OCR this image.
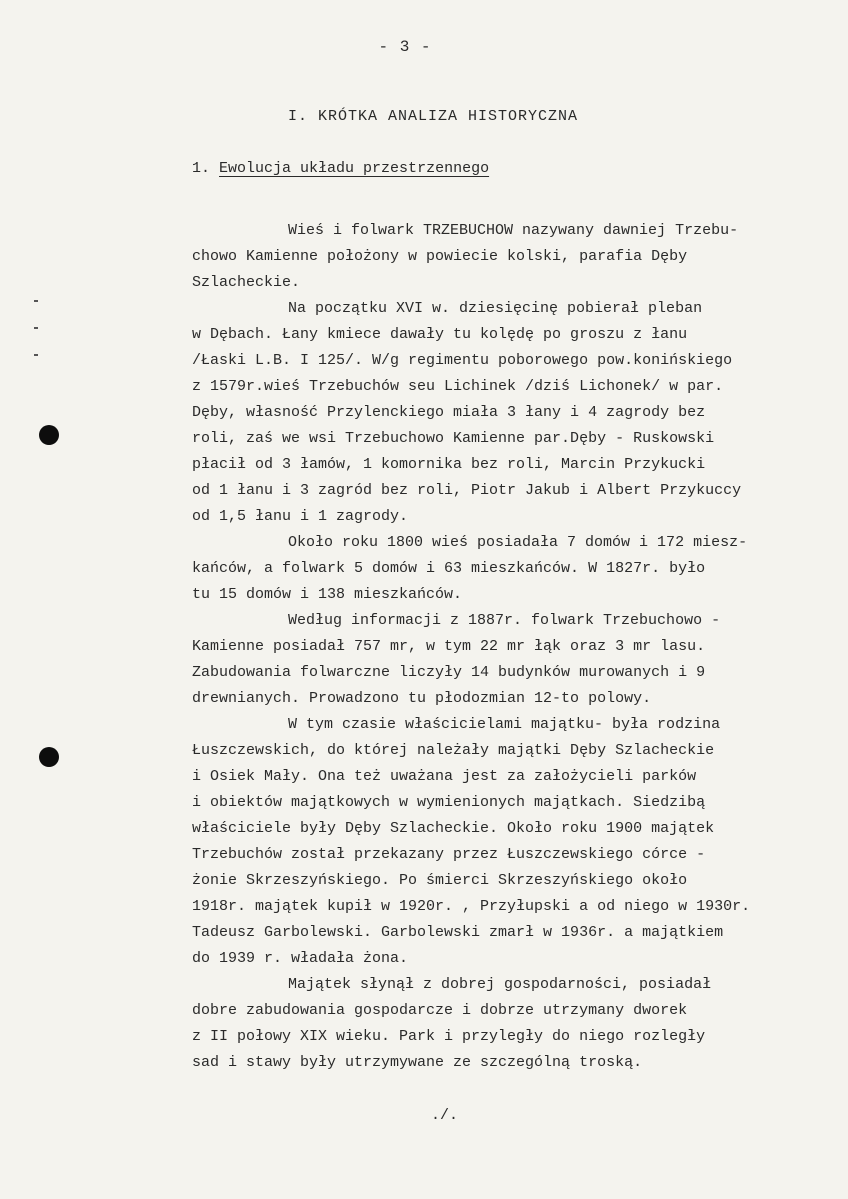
- 3 -
I. KRÓTKA ANALIZA HISTORYCZNA
1. Ewolucja układu przestrzennego
Wieś i folwark TRZEBUCHOW nazywany dawniej Trzebu-
chowo Kamienne położony w powiecie kolski, parafia Dęby
Szlacheckie.
Na początku XVI w. dziesięcinę pobierał pleban
w Dębach. Łany kmiece dawały tu kolędę po groszu z łanu
/Łaski L.B. I 125/. W/g regimentu poborowego pow.konińskiego
z 1579r.wieś Trzebuchów seu Lichinek /dziś Lichonek/ w par.
Dęby, własność Przylenckiego miała 3 łany i 4 zagrody bez
roli, zaś we wsi Trzebuchowo Kamienne par.Dęby - Ruskowski
płacił od 3 łamów, 1 komornika bez roli, Marcin Przykucki
od 1 łanu i 3 zagród bez roli, Piotr Jakub i Albert Przykuccy
od 1,5 łanu i 1 zagrody.
Około roku 1800 wieś posiadała 7 domów i 172 miesz-
kańców, a folwark 5 domów i 63 mieszkańców. W 1827r. było
tu 15 domów i 138 mieszkańców.
Według informacji z 1887r. folwark Trzebuchowo -
Kamienne posiadał 757 mr, w tym 22 mr łąk oraz 3 mr lasu.
Zabudowania folwarczne liczyły 14 budynków murowanych i 9
drewnianych. Prowadzono tu płodozmian 12-to polowy.
W tym czasie właścicielami majątku- była rodzina
Łuszczewskich, do której należały majątki Dęby Szlacheckie
i Osiek Mały. Ona też uważana jest za założycieli parków
i obiektów majątkowych w wymienionych majątkach. Siedzibą
właściciele były Dęby Szlacheckie. Około roku 1900 majątek
Trzebuchów został przekazany przez Łuszczewskiego córce -
żonie Skrzeszyńskiego. Po śmierci Skrzeszyńskiego około
1918r. majątek kupił w 1920r. , Przyłupski a od niego w 1930r.
Tadeusz Garbolewski. Garbolewski zmarł w 1936r. a majątkiem
do 1939 r. władała żona.
Majątek słynął z dobrej gospodarności, posiadał
dobre zabudowania gospodarcze i dobrze utrzymany dworek
z II połowy XIX wieku. Park i przyległy do niego rozległy
sad i stawy były utrzymywane ze szczególną troską.
./.
